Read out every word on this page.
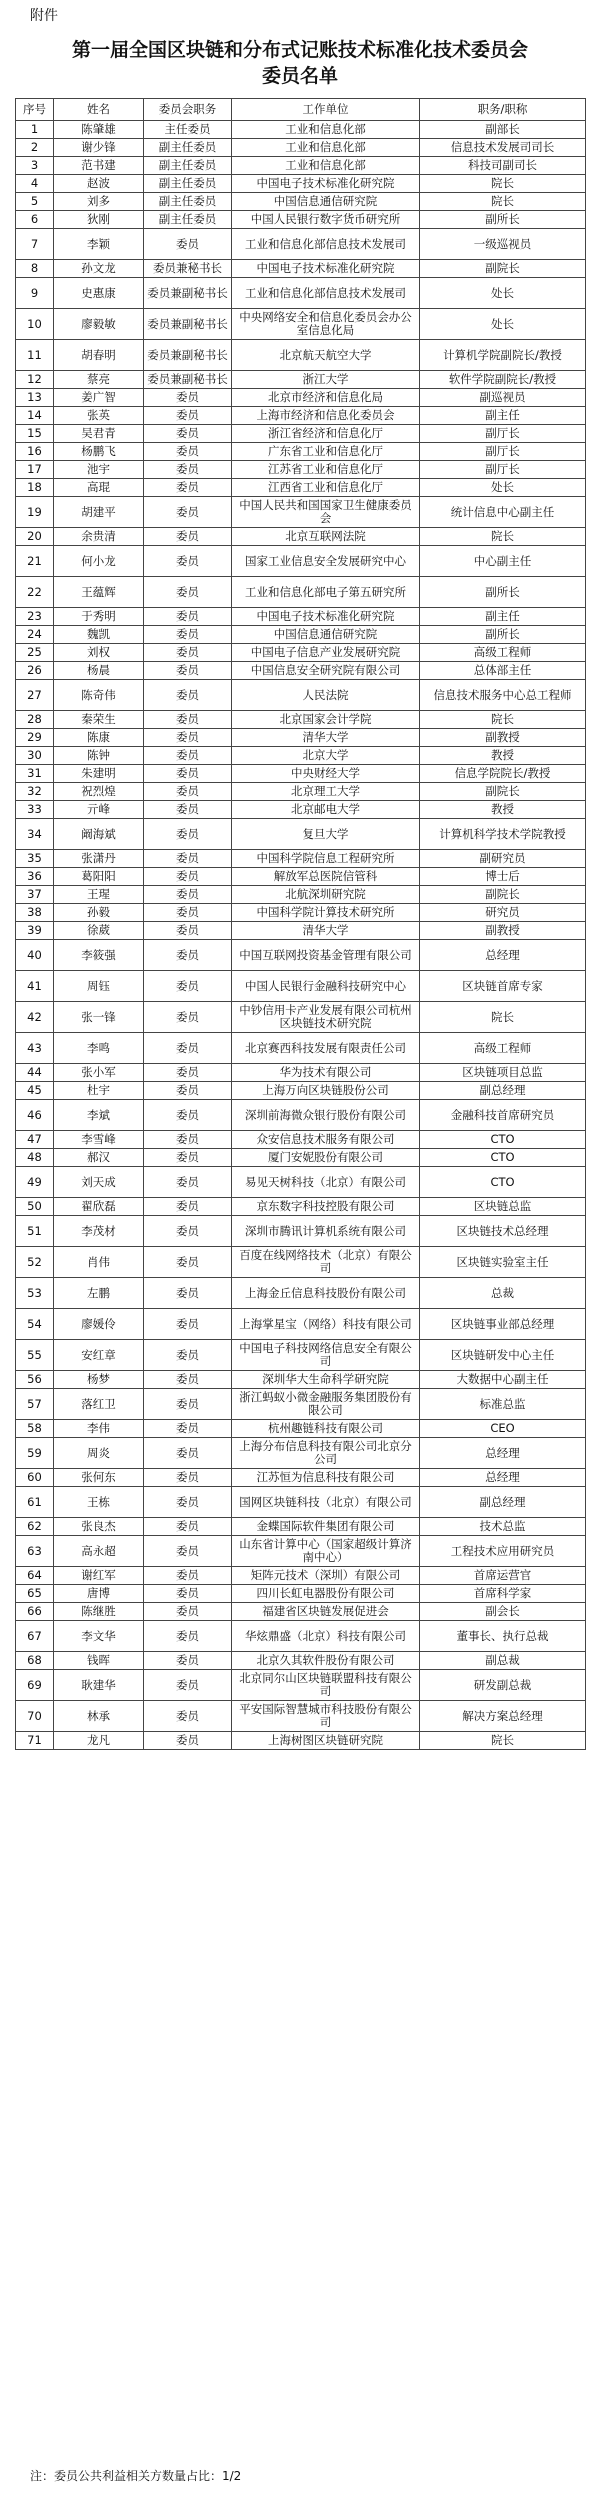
附件
第一届全国区块链和分布式记账技术标准化技术委员会
委员名单
序号	姓名	委员会职务	工作单位	职务/职称
1	陈肇雄	主任委员	工业和信息化部	副部长
2	谢少锋	副主任委员	工业和信息化部	信息技术发展司司长
3	范书建	副主任委员	工业和信息化部	科技司副司长
4	赵波	副主任委员	中国电子技术标准化研究院	院长
5	刘多	副主任委员	中国信息通信研究院	院长
6	狄刚	副主任委员	中国人民银行数字货币研究所	副所长
7	李颖	委员	工业和信息化部信息技术发展司	一级巡视员
8	孙文龙	委员兼秘书长	中国电子技术标准化研究院	副院长
9	史惠康	委员兼副秘书长	工业和信息化部信息技术发展司	处长
10	廖毅敏	委员兼副秘书长	中央网络安全和信息化委员会办公室信息化局	处长
11	胡春明	委员兼副秘书长	北京航天航空大学	计算机学院副院长/教授
12	蔡亮	委员兼副秘书长	浙江大学	软件学院副院长/教授
13	姜广智	委员	北京市经济和信息化局	副巡视员
14	张英	委员	上海市经济和信息化委员会	副主任
15	吴君青	委员	浙江省经济和信息化厅	副厅长
16	杨鹏飞	委员	广东省工业和信息化厅	副厅长
17	池宇	委员	江苏省工业和信息化厅	副厅长
18	高琨	委员	江西省工业和信息化厅	处长
19	胡建平	委员	中国人民共和国国家卫生健康委员会	统计信息中心副主任
20	余贵清	委员	北京互联网法院	院长
21	何小龙	委员	国家工业信息安全发展研究中心	中心副主任
22	王蕴辉	委员	工业和信息化部电子第五研究所	副所长
23	于秀明	委员	中国电子技术标准化研究院	副主任
24	魏凯	委员	中国信息通信研究院	副所长
25	刘权	委员	中国电子信息产业发展研究院	高级工程师
26	杨晨	委员	中国信息安全研究院有限公司	总体部主任
27	陈奇伟	委员	人民法院	信息技术服务中心总工程师
28	秦荣生	委员	北京国家会计学院	院长
29	陈康	委员	清华大学	副教授
30	陈钟	委员	北京大学	教授
31	朱建明	委员	中央财经大学	信息学院院长/教授
32	祝烈煌	委员	北京理工大学	副院长
33	亓峰	委员	北京邮电大学	教授
34	阚海斌	委员	复旦大学	计算机科学技术学院教授
35	张潇丹	委员	中国科学院信息工程研究所	副研究员
36	葛阳阳	委员	解放军总医院信管科	博士后
37	王瑆	委员	北航深圳研究院	副院长
38	孙毅	委员	中国科学院计算技术研究所	研究员
39	徐葳	委员	清华大学	副教授
40	李筱强	委员	中国互联网投资基金管理有限公司	总经理
41	周钰	委员	中国人民银行金融科技研究中心	区块链首席专家
42	张一锋	委员	中钞信用卡产业发展有限公司杭州区块链技术研究院	院长
43	李鸣	委员	北京赛西科技发展有限责任公司	高级工程师
44	张小军	委员	华为技术有限公司	区块链项目总监
45	杜宇	委员	上海万向区块链股份公司	副总经理
46	李斌	委员	深圳前海微众银行股份有限公司	金融科技首席研究员
47	李雪峰	委员	众安信息技术服务有限公司	CTO
48	郝汉	委员	厦门安妮股份有限公司	CTO
49	刘天成	委员	易见天树科技（北京）有限公司	CTO
50	翟欣磊	委员	京东数字科技控股有限公司	区块链总监
51	李茂材	委员	深圳市腾讯计算机系统有限公司	区块链技术总经理
52	肖伟	委员	百度在线网络技术（北京）有限公司	区块链实验室主任
53	左鹏	委员	上海金丘信息科技股份有限公司	总裁
54	廖媛伶	委员	上海掌星宝（网络）科技有限公司	区块链事业部总经理
55	安红章	委员	中国电子科技网络信息安全有限公司	区块链研发中心主任
56	杨梦	委员	深圳华大生命科学研究院	大数据中心副主任
57	落红卫	委员	浙江蚂蚁小微金融服务集团股份有限公司	标准总监
58	李伟	委员	杭州趣链科技有限公司	CEO
59	周炎	委员	上海分布信息科技有限公司北京分公司	总经理
60	张何东	委员	江苏恒为信息科技有限公司	总经理
61	王栋	委员	国网区块链科技（北京）有限公司	副总经理
62	张良杰	委员	金蝶国际软件集团有限公司	技术总监
63	高永超	委员	山东省计算中心（国家超级计算济南中心）	工程技术应用研究员
64	谢红军	委员	矩阵元技术（深圳）有限公司	首席运营官
65	唐博	委员	四川长虹电器股份有限公司	首席科学家
66	陈继胜	委员	福建省区块链发展促进会	副会长
67	李文华	委员	华炫鼎盛（北京）科技有限公司	董事长、执行总裁
68	钱晖	委员	北京久其软件股份有限公司	副总裁
69	耿建华	委员	北京同尔山区块链联盟科技有限公司	研发副总裁
70	林承	委员	平安国际智慧城市科技股份有限公司	解决方案总经理
71	龙凡	委员	上海树图区块链研究院	院长
注：委员公共利益相关方数量占比：1/2
